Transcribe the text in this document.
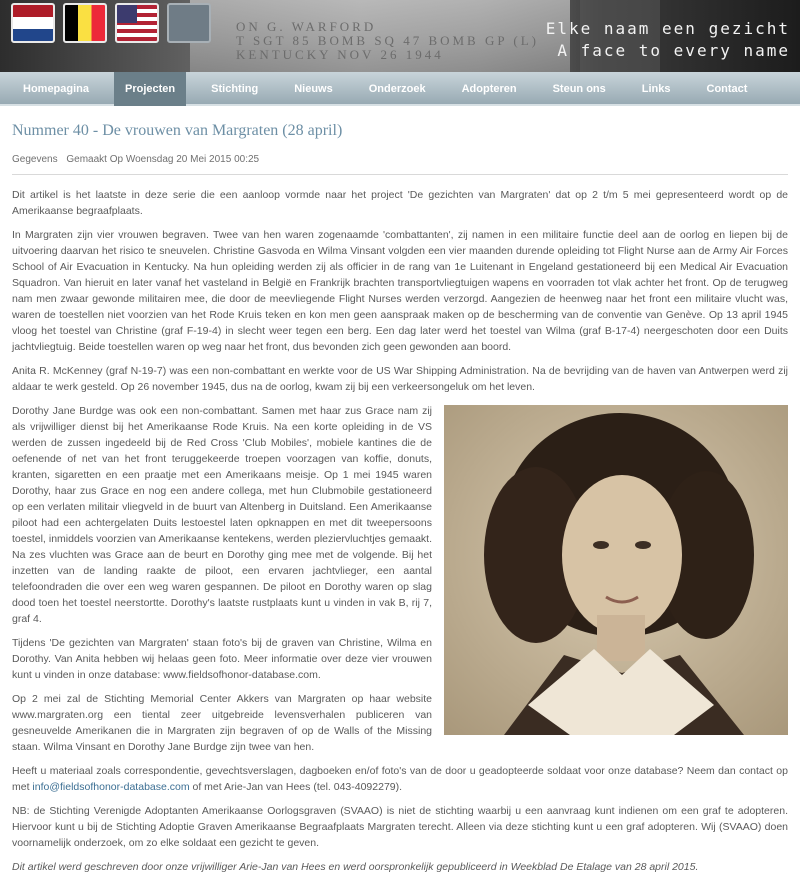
ON G. WARFORD
T SGT 85 BOMB SQ 47 BOMB GP (L)
KENTUCKY NOV 26 1944
Elke naam een gezicht
A face to every name
Homepagina	Projecten	Stichting	Nieuws	Onderzoek	Adopteren	Steun ons	Links	Contact
Nummer 40 - De vrouwen van Margraten (28 april)
Gegevens Gemaakt Op Woensdag 20 Mei 2015 00:25

Dit artikel is het laatste in deze serie die een aanloop vormde naar het project 'De gezichten van Margraten' dat op 2 t/m 5 mei gepresenteerd wordt op de Amerikaanse begraafplaats.

In Margraten zijn vier vrouwen begraven. Twee van hen waren zogenaamde 'combattanten', zij namen in een militaire functie deel aan de oorlog en liepen bij de uitvoering daarvan het risico te sneuvelen. Christine Gasvoda en Wilma Vinsant volgden een vier maanden durende opleiding tot Flight Nurse aan de Army Air Forces School of Air Evacuation in Kentucky. Na hun opleiding werden zij als officier in de rang van 1e Luitenant in Engeland gestationeerd bij een Medical Air Evacuation Squadron. Van hieruit en later vanaf het vasteland in België en Frankrijk brachten transportvliegtuigen wapens en voorraden tot vlak achter het front. Op de terugweg nam men zwaar gewonde militairen mee, die door de meevliegende Flight Nurses werden verzorgd. Aangezien de heenweg naar het front een militaire vlucht was, waren de toestellen niet voorzien van het Rode Kruis teken en kon men geen aanspraak maken op de bescherming van de conventie van Genève. Op 13 april 1945 vloog het toestel van Christine (graf F-19-4) in slecht weer tegen een berg. Een dag later werd het toestel van Wilma (graf B-17-4) neergeschoten door een Duits jachtvliegtuig. Beide toestellen waren op weg naar het front, dus bevonden zich geen gewonden aan boord.

Anita R. McKenney (graf N-19-7) was een non-combattant en werkte voor de US War Shipping Administration. Na de bevrijding van de haven van Antwerpen werd zij aldaar te werk gesteld. Op 26 november 1945, dus na de oorlog, kwam zij bij een verkeersongeluk om het leven.

Dorothy Jane Burdge was ook een non-combattant. Samen met haar zus Grace nam zij als vrijwilliger dienst bij het Amerikaanse Rode Kruis. Na een korte opleiding in de VS werden de zussen ingedeeld bij de Red Cross 'Club Mobiles', mobiele kantines die de oefenende of net van het front teruggekeerde troepen voorzagen van koffie, donuts, kranten, sigaretten en een praatje met een Amerikaans meisje. Op 1 mei 1945 waren Dorothy, haar zus Grace en nog een andere collega, met hun Clubmobile gestationeerd op een verlaten militair vliegveld in de buurt van Altenberg in Duitsland. Een Amerikaanse piloot had een achtergelaten Duits lestoestel laten opknappen en met dit tweepersoons toestel, inmiddels voorzien van Amerikaanse kentekens, werden pleziervluchtjes gemaakt. Na zes vluchten was Grace aan de beurt en Dorothy ging mee met de volgende. Bij het inzetten van de landing raakte de piloot, een ervaren jachtvlieger, een aantal telefoondraden die over een weg waren gespannen. De piloot en Dorothy waren op slag dood toen het toestel neerstortte. Dorothy's laatste rustplaats kunt u vinden in vak B, rij 7, graf 4.

Tijdens 'De gezichten van Margraten' staan foto's bij de graven van Christine, Wilma en Dorothy. Van Anita hebben wij helaas geen foto. Meer informatie over deze vier vrouwen kunt u vinden in onze database: www.fieldsofhonor-database.com.

Op 2 mei zal de Stichting Memorial Center Akkers van Margraten op haar website www.margraten.org een tiental zeer uitgebreide levensverhalen publiceren van gesneuvelde Amerikanen die in Margraten zijn begraven of op de Walls of the Missing staan. Wilma Vinsant en Dorothy Jane Burdge zijn twee van hen.

Heeft u materiaal zoals correspondentie, gevechtsverslagen, dagboeken en/of foto's van de door u geadopteerde soldaat voor onze database? Neem dan contact op met info@fieldsofhonor-database.com of met Arie-Jan van Hees (tel. 043-4092279).

NB: de Stichting Verenigde Adoptanten Amerikaanse Oorlogsgraven (SVAAO) is niet de stichting waarbij u een aanvraag kunt indienen om een graf te adopteren. Hiervoor kunt u bij de Stichting Adoptie Graven Amerikaanse Begraafplaats Margraten terecht. Alleen via deze stichting kunt u een graf adopteren. Wij (SVAAO) doen voornamelijk onderzoek, om zo elke soldaat een gezicht te geven.

Dit artikel werd geschreven door onze vrijwilliger Arie-Jan van Hees en werd oorspronkelijk gepubliceerd in Weekblad De Etalage van 28 april 2015.
